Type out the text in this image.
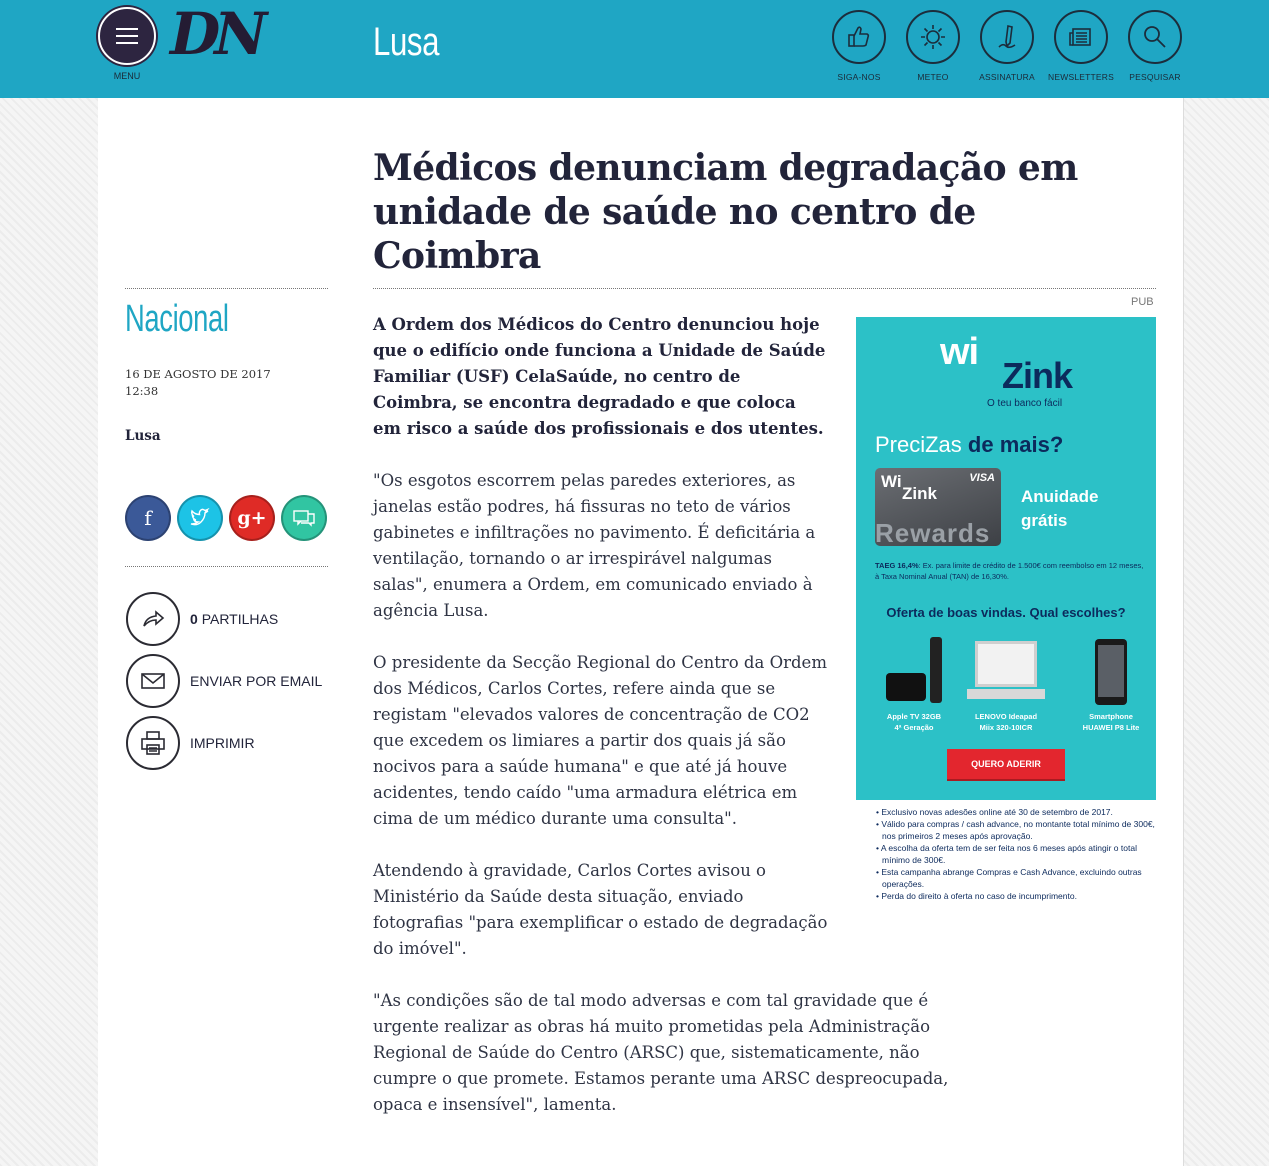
MENU
DN	Lusa
SIGA-NOS	METEO	ASSINATURA	NEWSLETTERS	PESQUISAR
Médicos denunciam degradação em unidade de saúde no centro de Coimbra
PUB
Nacional
16 DE AGOSTO DE 2017
12:38
Lusa
f	g+
0 PARTILHAS
ENVIAR POR EMAIL
IMPRIMIR

A Ordem dos Médicos do Centro denunciou hoje que o edifício onde funciona a Unidade de Saúde Familiar (USF) CelaSaúde, no centro de Coimbra, se encontra degradado e que coloca em risco a saúde dos profissionais e dos utentes.

"Os esgotos escorrem pelas paredes exteriores, as janelas estão podres, há fissuras no teto de vários gabinetes e infiltrações no pavimento. É deficitária a ventilação, tornando o ar irrespirável nalgumas salas", enumera a Ordem, em comunicado enviado à agência Lusa.

O presidente da Secção Regional do Centro da Ordem dos Médicos, Carlos Cortes, refere ainda que se registam "elevados valores de concentração de CO2 que excedem os limiares a partir dos quais já são nocivos para a saúde humana" e que até já houve acidentes, tendo caído "uma armadura elétrica em cima de um médico durante uma consulta".

Atendendo à gravidade, Carlos Cortes avisou o Ministério da Saúde desta situação, enviado fotografias "para exemplificar o estado de degradação do imóvel".

"As condições são de tal modo adversas e com tal gravidade que é urgente realizar as obras há muito prometidas pela Administração Regional de Saúde do Centro (ARSC) que, sistematicamente, não cumpre o que promete. Estamos perante uma ARSC despreocupada, opaca e insensível", lamenta.

wi
Zink
O teu banco fácil
PreciZas de mais?
Wi
Zink
VISA
Rewards
Anuidade
grátis
TAEG 16,4%: Ex. para limite de crédito de 1.500€ com reembolso em 12 meses, à Taxa Nominal Anual (TAN) de 16,30%.
Oferta de boas vindas. Qual escolhes?
Apple TV 32GB
4ª Geração
LENOVO Ideapad
Miix 320-10ICR
Smartphone
HUAWEI P8 Lite
QUERO ADERIR
• Exclusivo novas adesões online até 30 de setembro de 2017.
• Válido para compras / cash advance, no montante total mínimo de 300€, nos primeiros 2 meses após aprovação.
• A escolha da oferta tem de ser feita nos 6 meses após atingir o total mínimo de 300€.
• Esta campanha abrange Compras e Cash Advance, excluindo outras operações.
• Perda do direito à oferta no caso de incumprimento.
